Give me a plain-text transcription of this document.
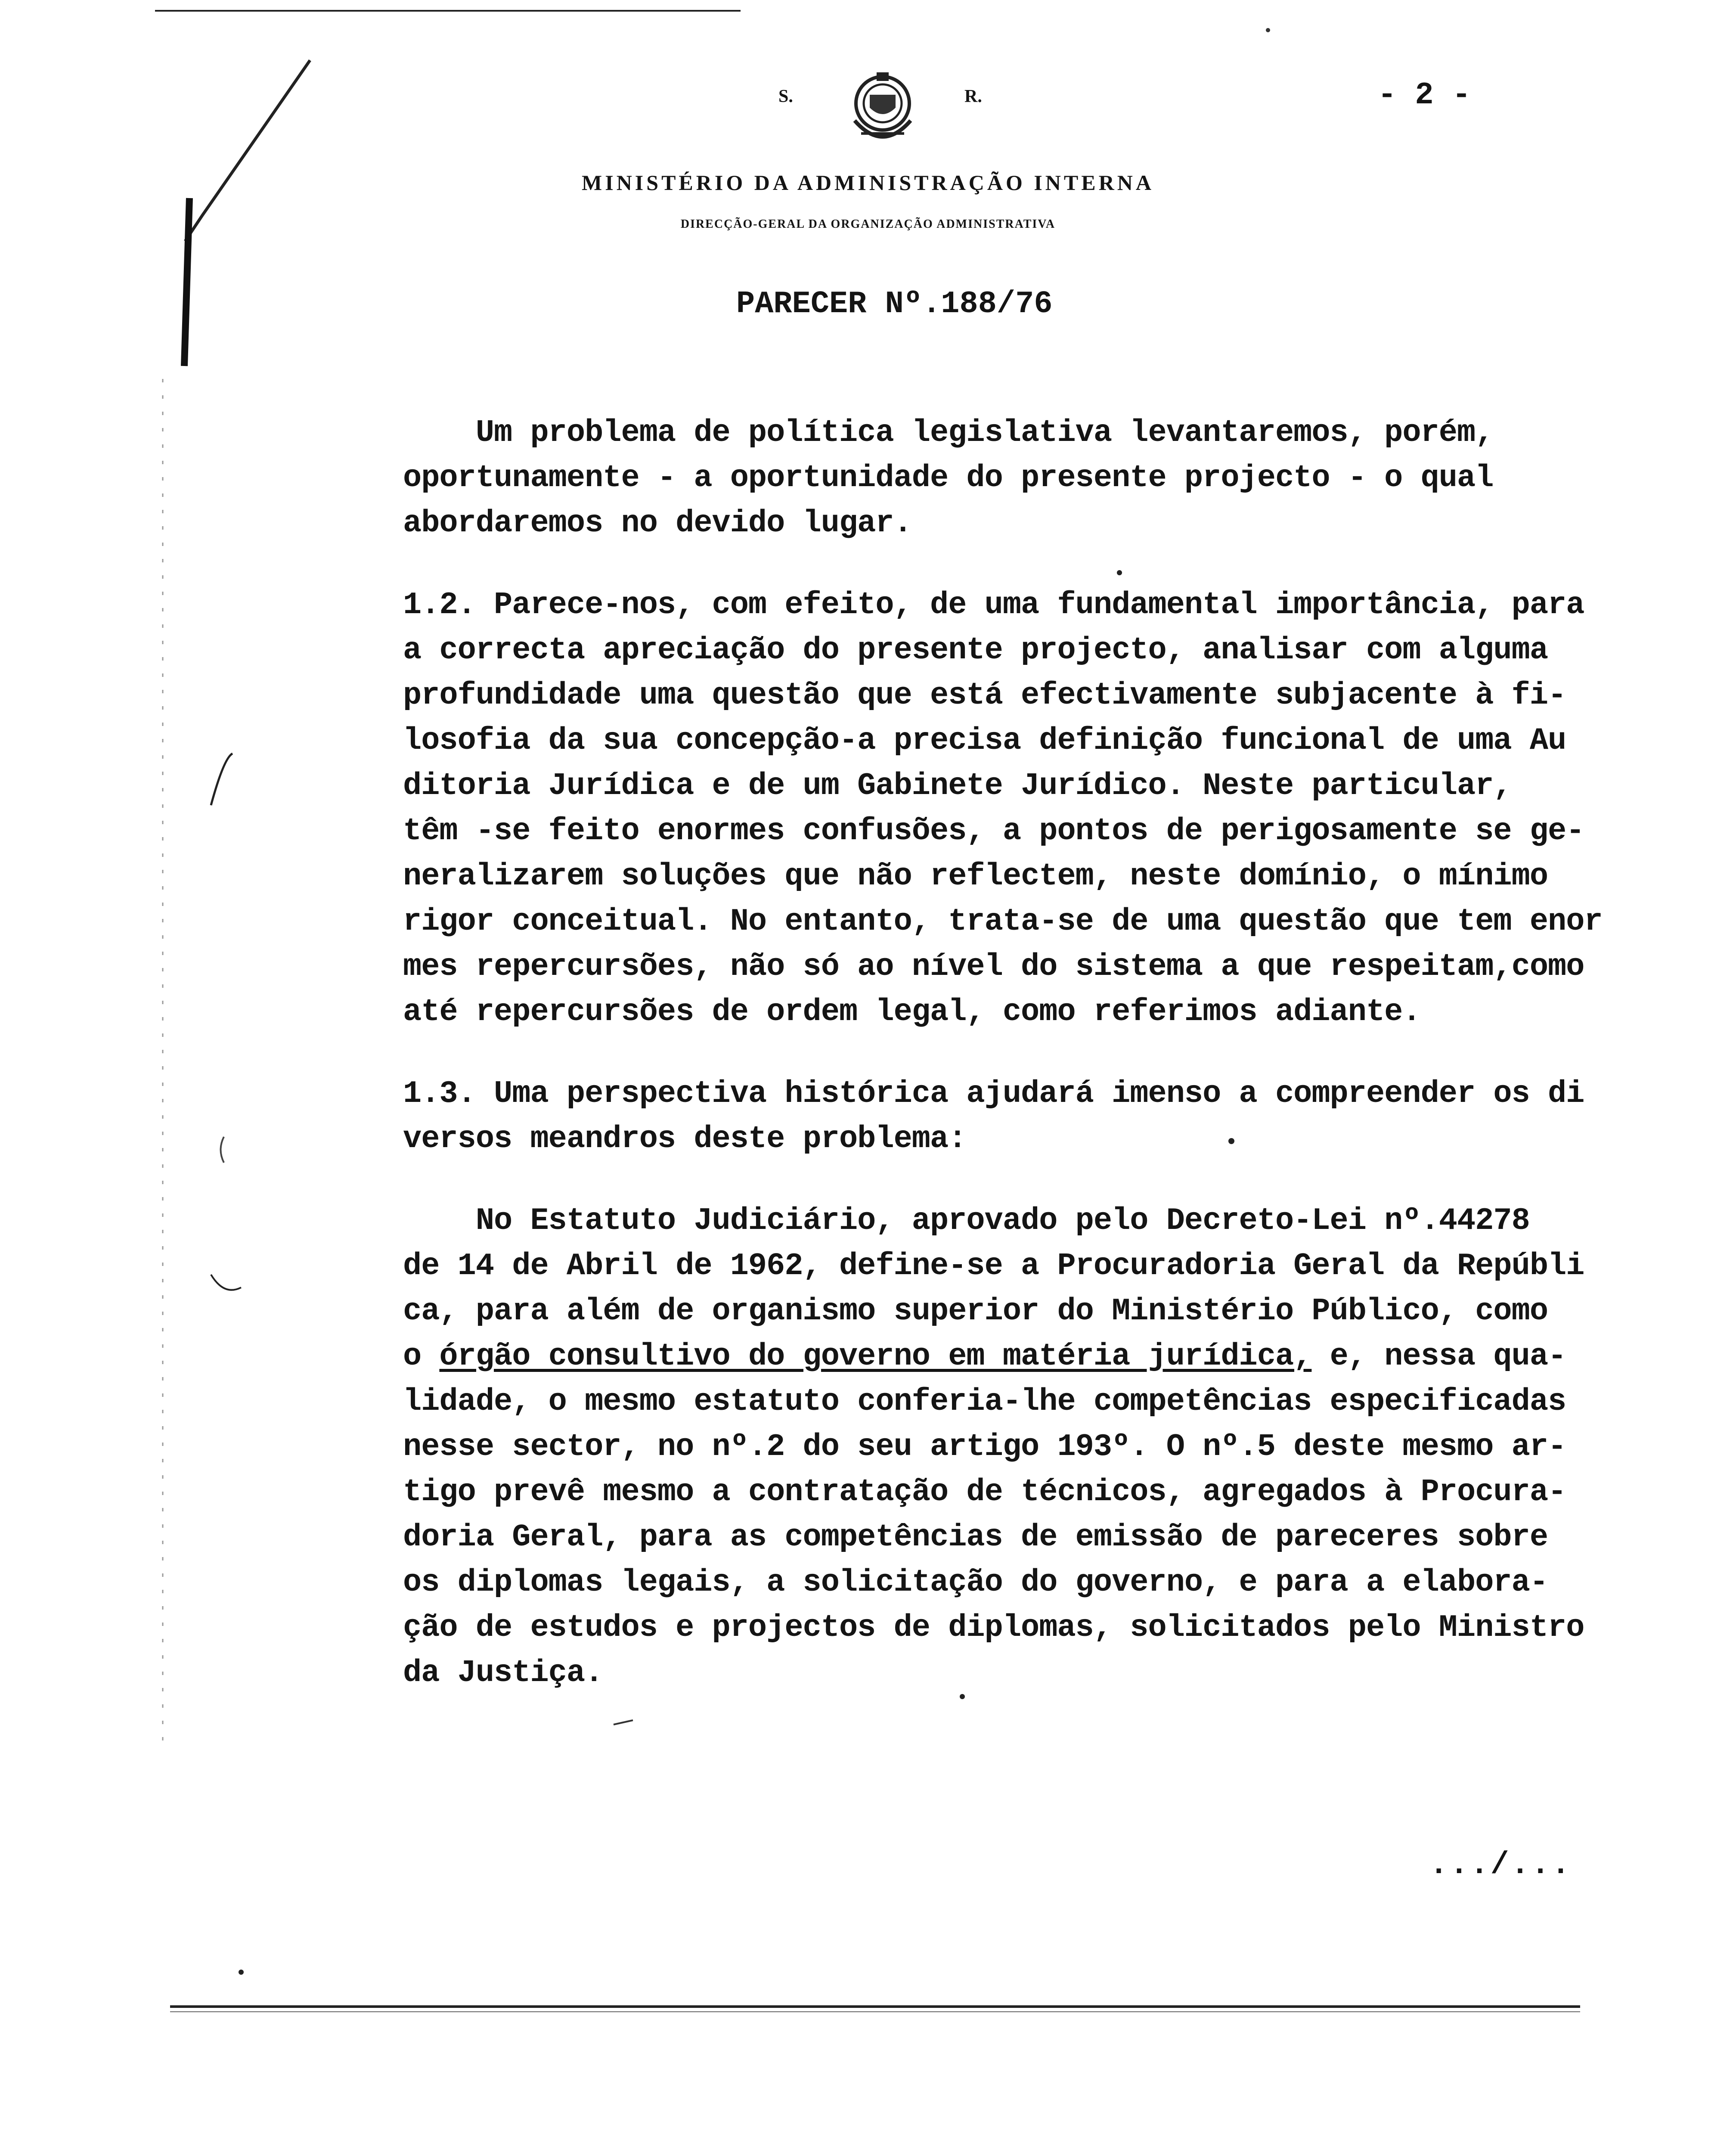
S.	R.	- 2 -
MINISTÉRIO DA ADMINISTRAÇÃO INTERNA
DIRECÇÃO-GERAL DA ORGANIZAÇÃO ADMINISTRATIVA
PARECER Nº.188/76
Um problema de política legislativa levantaremos, porém,
oportunamente - a oportunidade do presente projecto - o qual
abordaremos no devido lugar.
1.2. Parece-nos, com efeito, de uma fundamental importância, para
a correcta apreciação do presente projecto, analisar com alguma
profundidade uma questão que está efectivamente subjacente à fi-
losofia da sua concepção-a precisa definição funcional de uma Au
ditoria Jurídica e de um Gabinete Jurídico. Neste particular,
têm -se feito enormes confusões, a pontos de perigosamente se ge-
neralizarem soluções que não reflectem, neste domínio, o mínimo
rigor conceitual. No entanto, trata-se de uma questão que tem enor
mes repercursões, não só ao nível do sistema a que respeitam,como
até repercursões de ordem legal, como referimos adiante.
1.3. Uma perspectiva histórica ajudará imenso a compreender os di
versos meandros deste problema:
No Estatuto Judiciário, aprovado pelo Decreto-Lei nº.44278
de 14 de Abril de 1962, define-se a Procuradoria Geral da Repúbli
ca, para além de organismo superior do Ministério Público, como
o órgão consultivo do governo em matéria jurídica, e, nessa qua-
lidade, o mesmo estatuto conferia-lhe competências especificadas
nesse sector, no nº.2 do seu artigo 193º. O nº.5 deste mesmo ar-
tigo prevê mesmo a contratação de técnicos, agregados à Procura-
doria Geral, para as competências de emissão de pareceres sobre
os diplomas legais, a solicitação do governo, e para a elabora-
ção de estudos e projectos de diplomas, solicitados pelo Ministro
da Justiça.
.../...
